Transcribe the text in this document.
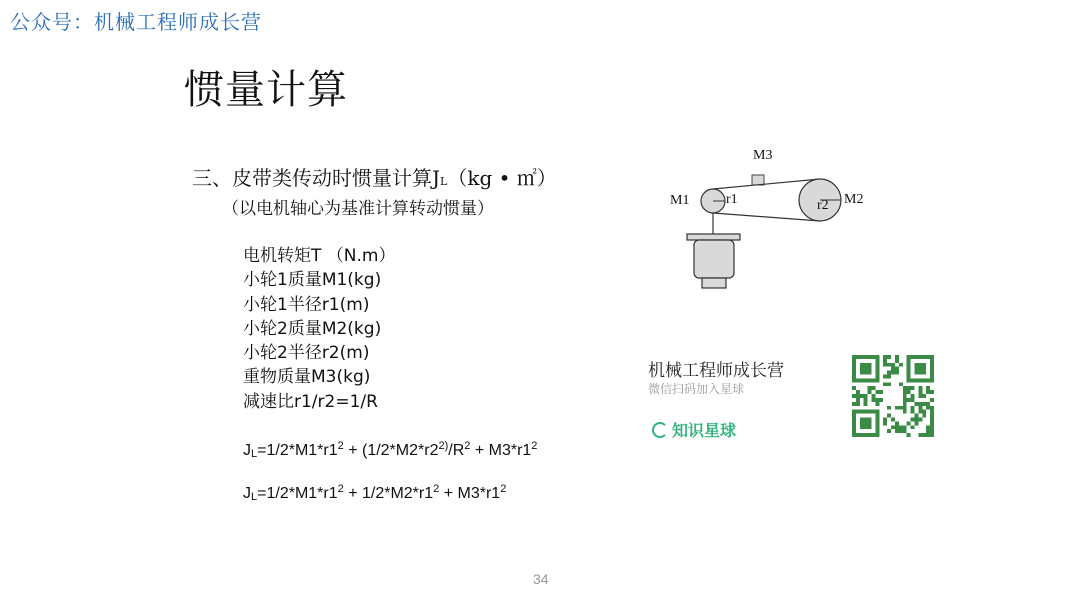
公众号：机械工程师成长营
惯量计算
三、皮带类传动时惯量计算JL（kg • ㎡）
（以电机轴心为基准计算转动惯量）
电机转矩T （N.m）
小轮1质量M1(kg)
小轮1半径r1(m)
小轮2质量M2(kg)
小轮2半径r2(m)
重物质量M3(kg)
减速比r1/r2=1/R
$J_L=1/2*M1*r1^2 + (1/2*M2*r2^{2)}/R^2 + M3*r1^2$
$J_L=1/2*M1*r1^2 + 1/2*M2*r1^2 + M3*r1^2$
M3
M1	r1	r2 M2
机械工程师成长营
微信扫码加入星球
知识星球
34
